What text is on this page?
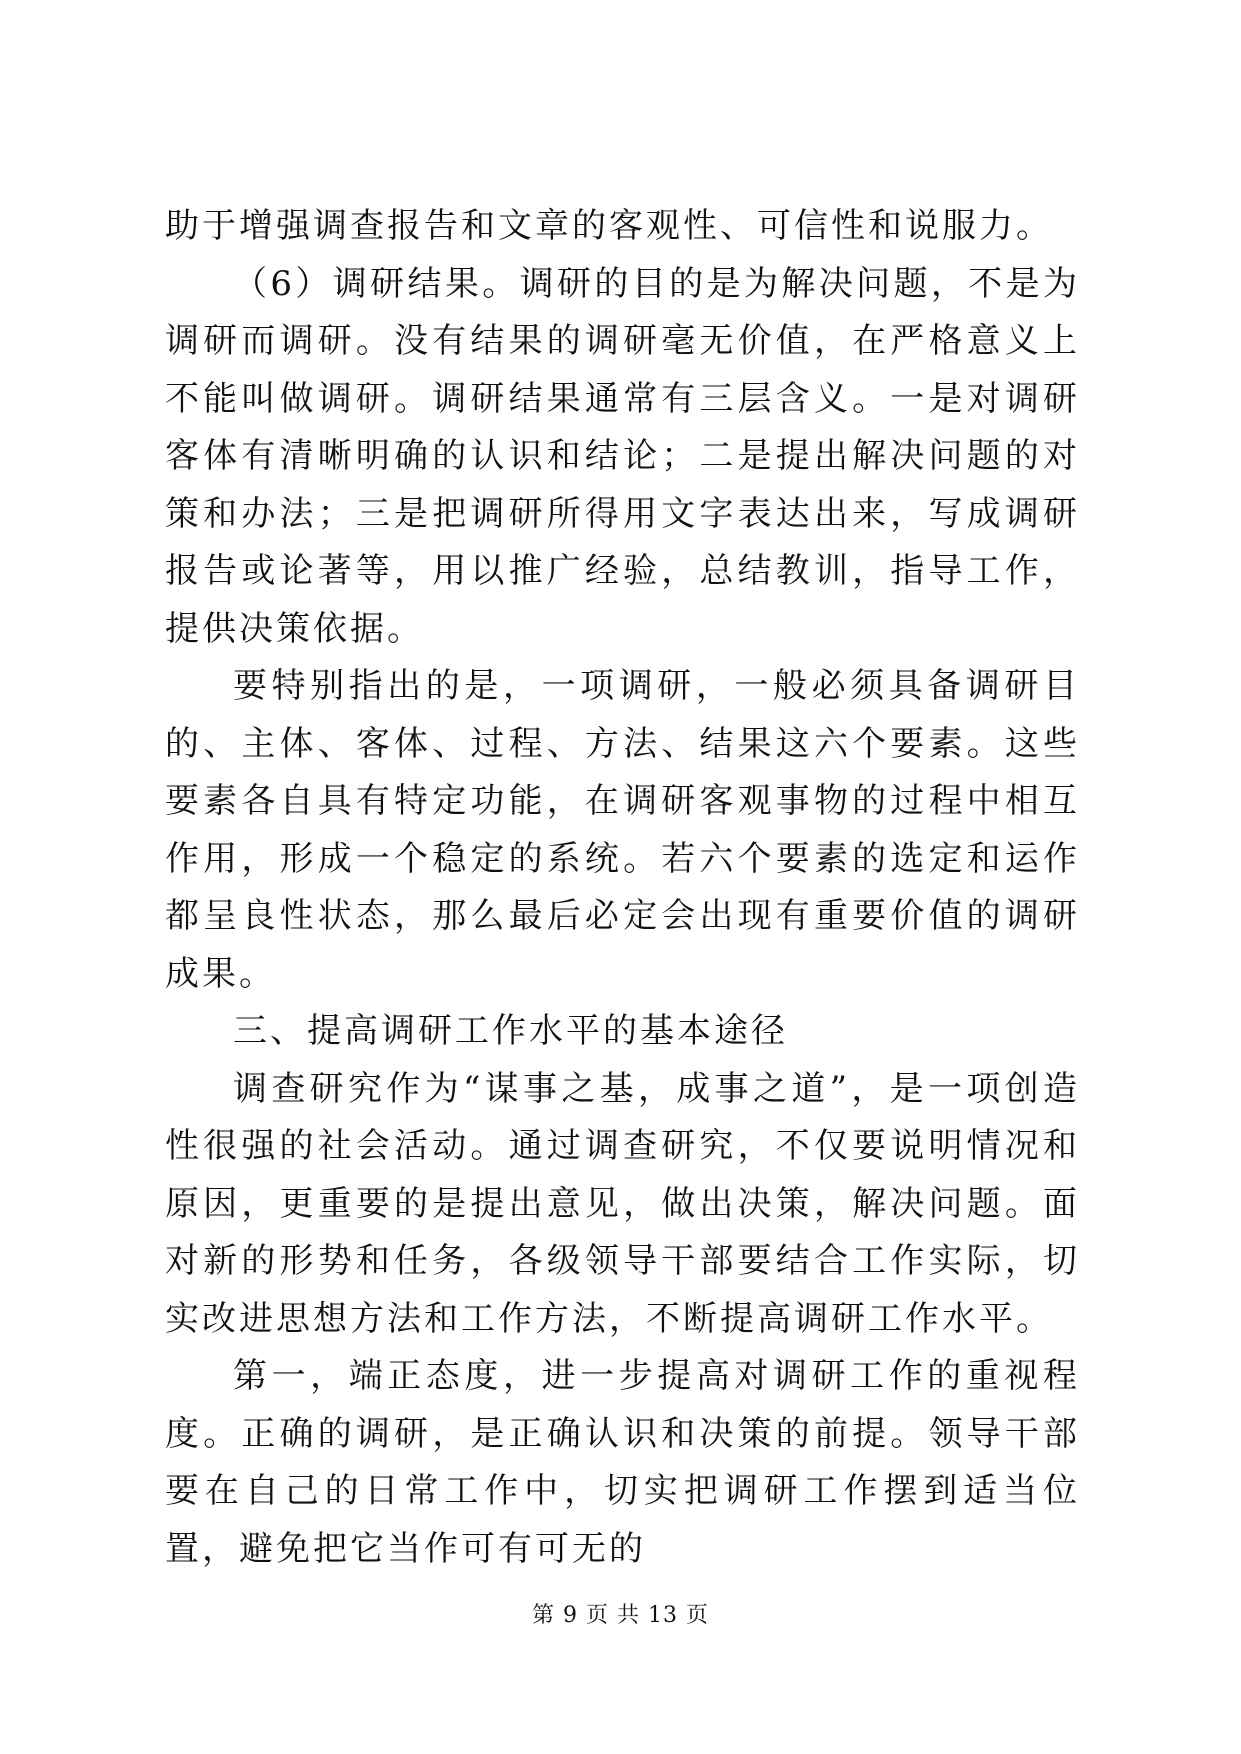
助于增强调查报告和文章的客观性、可信性和说服力。

（6）调研结果。调研的目的是为解决问题，不是为调研而调研。没有结果的调研毫无价值，在严格意义上不能叫做调研。调研结果通常有三层含义。一是对调研客体有清晰明确的认识和结论；二是提出解决问题的对策和办法；三是把调研所得用文字表达出来，写成调研报告或论著等，用以推广经验，总结教训，指导工作，提供决策依据。

要特别指出的是，一项调研，一般必须具备调研目的、主体、客体、过程、方法、结果这六个要素。这些要素各自具有特定功能，在调研客观事物的过程中相互作用，形成一个稳定的系统。若六个要素的选定和运作都呈良性状态，那么最后必定会出现有重要价值的调研成果。

三、提高调研工作水平的基本途径

调查研究作为“谋事之基，成事之道”，是一项创造性很强的社会活动。通过调查研究，不仅要说明情况和原因，更重要的是提出意见，做出决策，解决问题。面对新的形势和任务，各级领导干部要结合工作实际，切实改进思想方法和工作方法，不断提高调研工作水平。

第一，端正态度，进一步提高对调研工作的重视程度。正确的调研，是正确认识和决策的前提。领导干部要在自己的日常工作中，切实把调研工作摆到适当位置，避免把它当作可有可无的

第 9 页 共 13 页
